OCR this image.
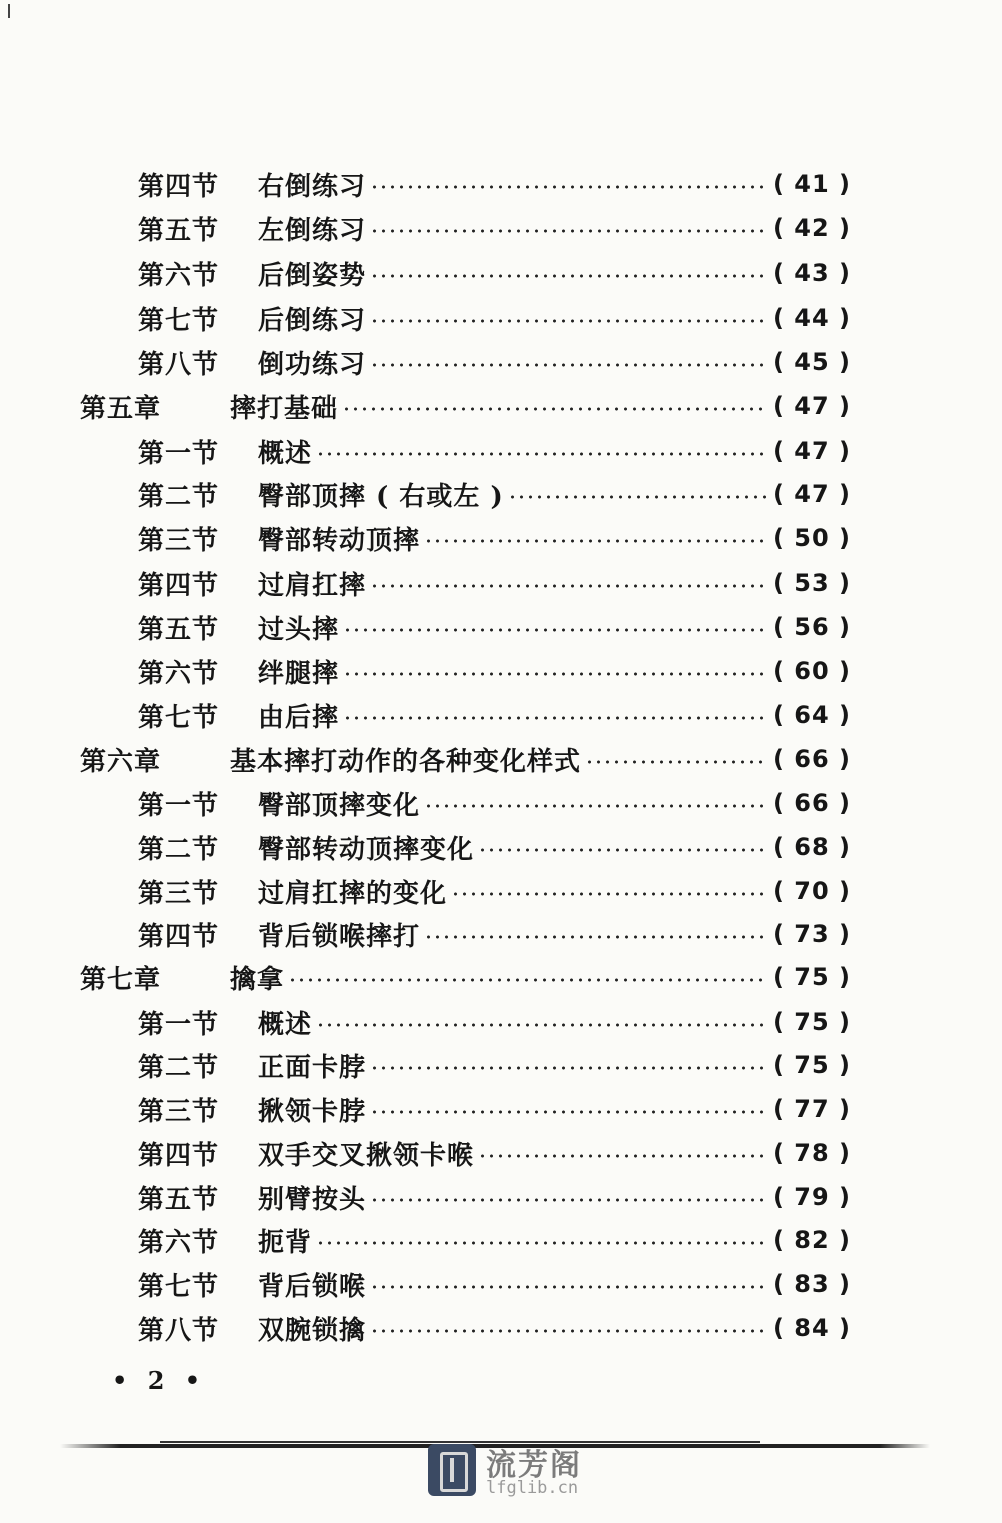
第四节	右倒练习	( 41 )
第五节	左倒练习	( 42 )
第六节	后倒姿势	( 43 )
第七节	后倒练习	( 44 )
第八节	倒功练习	( 45 )
第五章	摔打基础	( 47 )
第一节	概述	( 47 )
第二节	臀部顶摔 ( 右或左 )	( 47 )
第三节	臀部转动顶摔	( 50 )
第四节	过肩扛摔	( 53 )
第五节	过头摔	( 56 )
第六节	绊腿摔	( 60 )
第七节	由后摔	( 64 )
第六章	基本摔打动作的各种变化样式	( 66 )
第一节	臀部顶摔变化	( 66 )
第二节	臀部转动顶摔变化	( 68 )
第三节	过肩扛摔的变化	( 70 )
第四节	背后锁喉摔打	( 73 )
第七章	擒拿	( 75 )
第一节	概述	( 75 )
第二节	正面卡脖	( 75 )
第三节	揪领卡脖	( 77 )
第四节	双手交叉揪领卡喉	( 78 )
第五节	别臂按头	( 79 )
第六节	扼背	( 82 )
第七节	背后锁喉	( 83 )
第八节	双腕锁擒	( 84 )
• 2 •
流芳阁
lfglib.cn
